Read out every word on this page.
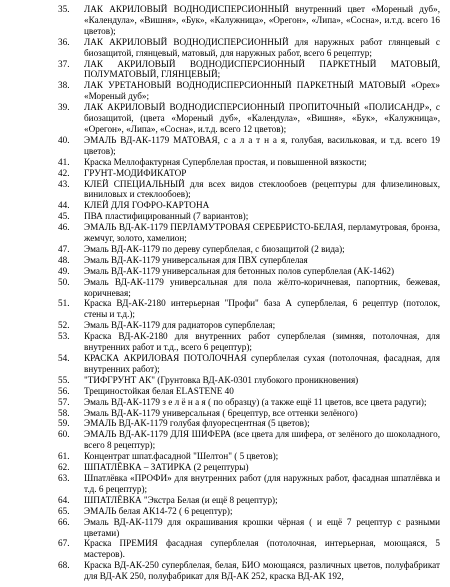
35.	ЛАК АКРИЛОВЫЙ ВОДНОДИСПЕРСИОННЫЙ внутренний цвет «Мореный дуб», «Календула», «Вишня», «Бук», «Калужница», «Орегон», «Липа», «Сосна», и.т.д. всего 16 цветов);
36.	ЛАК АКРИЛОВЫЙ ВОДНОДИСПЕРСИОННЫЙ для наружных работ глянцевый с биозащитой, глянцевый, матовый, для наружных работ, всего 6 рецептур;
37.	ЛАК АКРИЛОВЫЙ ВОДНОДИСПЕРСИОННЫЙ ПАРКЕТНЫЙ МАТОВЫЙ, ПОЛУМАТОВЫЙ, ГЛЯНЦЕВЫЙ;
38.	ЛАК УРЕТАНОВЫЙ ВОДНОДИСПЕРСИОННЫЙ ПАРКЕТНЫЙ МАТОВЫЙ «Орех» «Мореный дуб»;
39.	ЛАК АКРИЛОВЫЙ ВОДНОДИСПЕРСИОННЫЙ ПРОПИТОЧНЫЙ «ПОЛИСАНДР», с биозащитой, (цвета «Мореный дуб», «Календула», «Вишня», «Бук», «Калужница», «Орегон», «Липа», «Сосна», и.т.д. всего 12 цветов);
40.	ЭМАЛЬ ВД-АК-1179 МАТОВАЯ, с а л а т н а я, голубая, васильковая, и т.д. всего 19 цветов);
41.	Краска Меллофактурная Суперблелая простая, и повышенной вязкости;
42.	ГРУНТ-МОДИФИКАТОР
43.	КЛЕЙ СПЕЦИАЛЬНЫЙ для всех видов стеклообоев (рецептуры для флизелиновых, виниловых и стеклообоев);
44.	КЛЕЙ ДЛЯ ГОФРО-КАРТОНА
45.	ПВА пластифицированный (7 вариантов);
46.	ЭМАЛЬ ВД-АК-1179 ПЕРЛАМУТРОВАЯ СЕРЕБРИСТО-БЕЛАЯ, перламутровая, бронза, жемчуг, золото, хамелион;
47.	Эмаль ВД-АК-1179 по дереву суперблелая, с биозащитой (2 вида);
48.	Эмаль ВД-АК-1179 универсальная для ПВХ суперблелая
49.	Эмаль ВД-АК-1179 универсальная для бетонных полов суперблелая (АК-1462)
50.	Эмаль ВД-АК-1179 универсальная для пола жёлто-коричневая, папортник, бежевая, коричневая;
51.	Краска ВД-АК-2180 интерьерная "Профи" база А суперблелая, 6 рецептур (потолок, стены и т.д.);
52.	Эмаль ВД-АК-1179 для радиаторов суперблелая;
53.	Краска ВД-АК-2180 для внутренних работ суперблелая (зимняя, потолочная, для внутренних работ и т.д., всего 6 рецептур);
54.	КРАСКА АКРИЛОВАЯ ПОТОЛОЧНАЯ суперблелая сухая (потолочная, фасадная, для внутренних работ);
55.	"ТИФГРУНТ АК" (Грунтовка ВД-АК-0301 глубокого проникновения)
56.	Трещиностойкая белая ELASTENE 40
57.	Эмаль ВД-АК-1179 з е л ё н а я ( по образцу) (а также ещё 11 цветов, все цвета радуги);
58.	Эмаль ВД-АК-1179 универсальная ( 6рецептур, все оттенки зелёного)
59.	ЭМАЛЬ ВД-АК-1179 голубая флуоресцентная (5 цветов);
60.	ЭМАЛЬ ВД-АК-1179 ДЛЯ ШИФЕРА (все цвета для шифера, от зелёного до шоколадного, всего 8 рецептур);
61.	Концентрат шпат.фасадной "Шелтон" ( 5 цветов);
62.	ШПАТЛЁВКА – ЗАТИРКА (2 рецептуры)
63.	Шпатлёвка «ПРОФИ» для внутренних работ (для наружных работ, фасадная шпатлёвка и т.д. 6 рецептур);
64.	ШПАТЛЁВКА "Экстра Белая (и ещё 8 рецептур);
65.	ЭМАЛЬ белая АК14-72 ( 6 рецептур);
66.	Эмаль ВД-АК-1179 для окрашивания крошки чёрная ( и ещё 7 рецептур с разными цветами)
67.	Краска ПРЕМИЯ фасадная суперблелая (потолочная, интерьерная, моющаяся, 5 мастеров).
68.	Краска ВД-АК-250 суперблелая, белая, БИО моющаяся, различных цветов, полуфабрикат для ВД-АК 250, полуфабрикат для ВД-АК 252, краска ВД-АК 192,
